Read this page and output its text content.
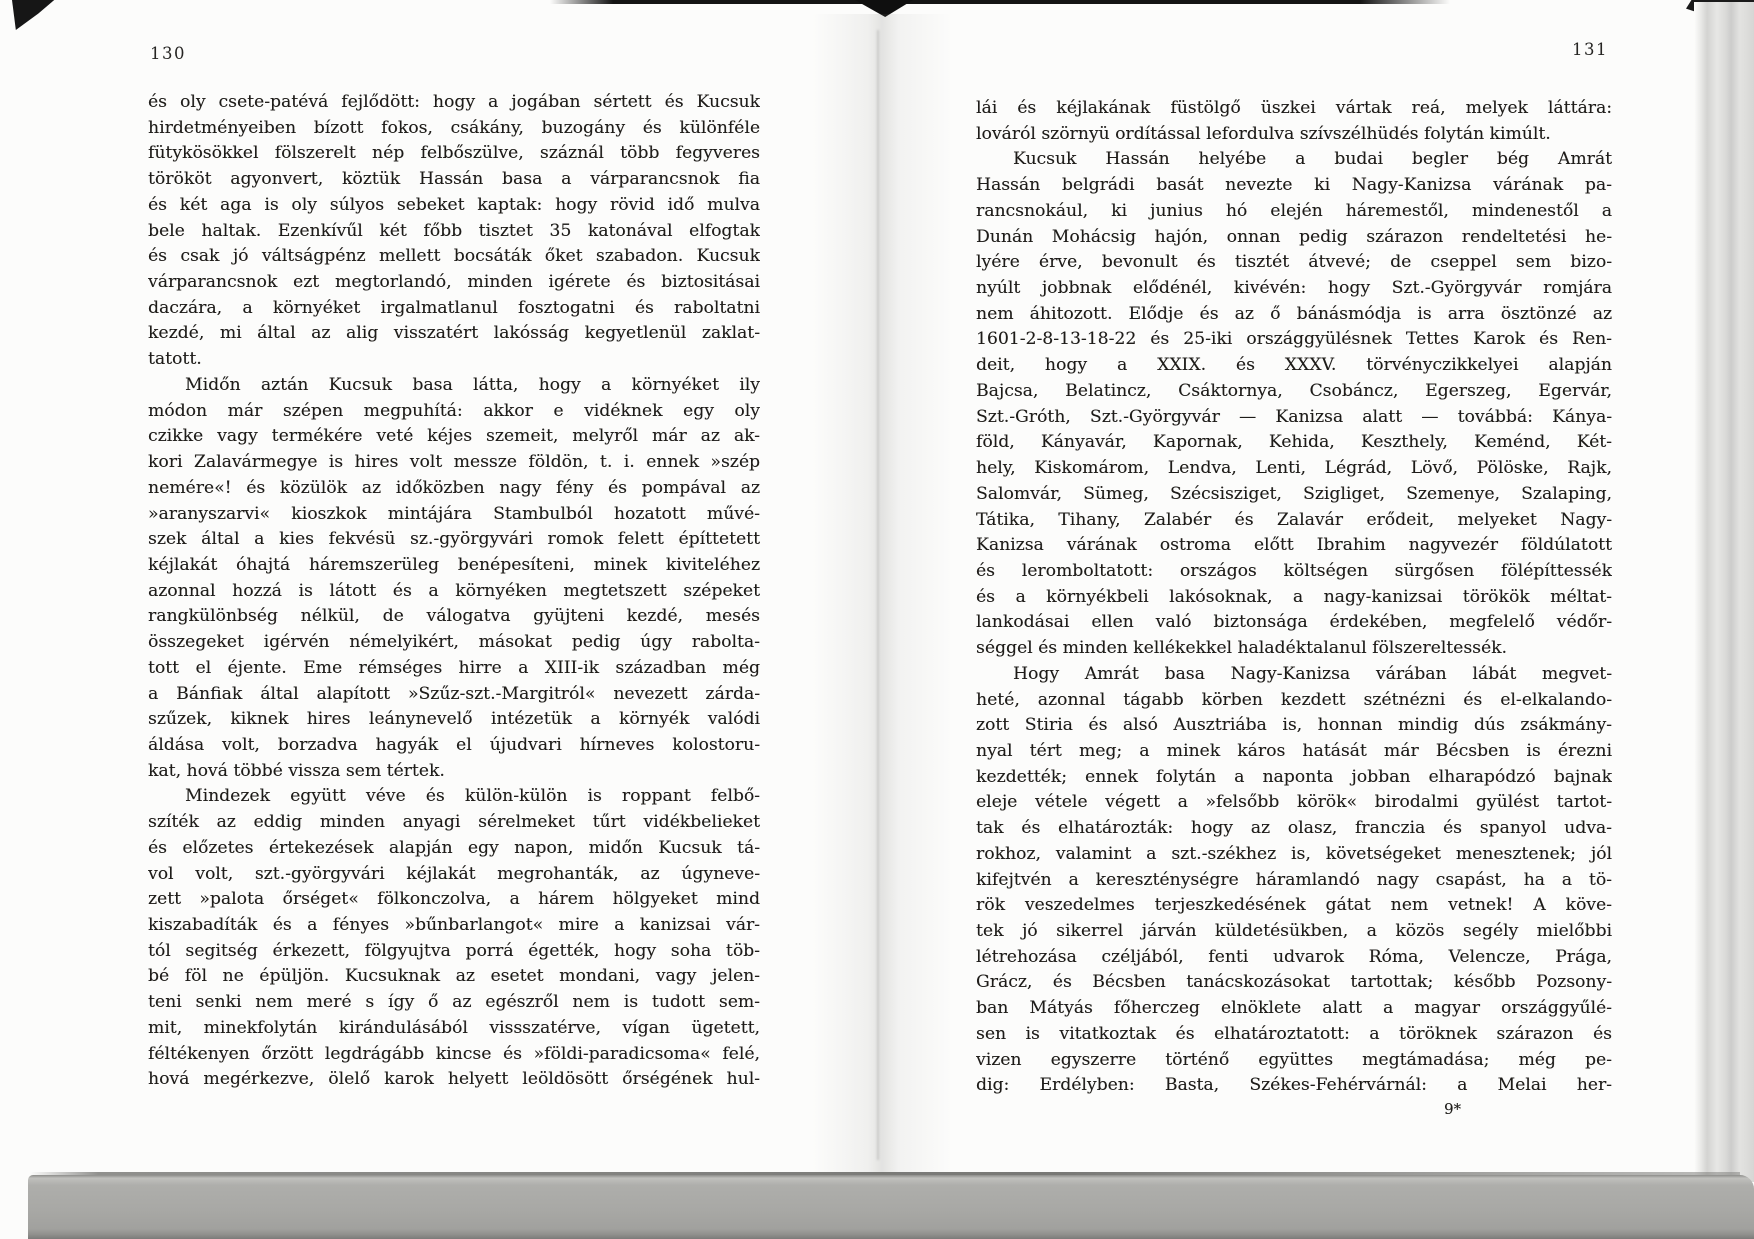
130
és oly csete-patévá fejlődött: hogy a jogában sértett és Kucsuk
hirdetményeiben bízott fokos, csákány, buzogány és különféle
fütykösökkel fölszerelt nép felbőszülve, száznál több fegyveres
törököt agyonvert, köztük Hassán basa a várparancsnok fia
és két aga is oly súlyos sebeket kaptak: hogy rövid idő mulva
bele haltak. Ezenkívűl két főbb tisztet 35 katonával elfogtak
és csak jó váltságpénz mellett bocsáták őket szabadon. Kucsuk
várparancsnok ezt megtorlandó, minden igérete és biztositásai
daczára, a környéket irgalmatlanul fosztogatni és raboltatni
kezdé, mi által az alig visszatért lakósság kegyetlenül zaklat-
tatott.
Midőn aztán Kucsuk basa látta, hogy a környéket ily
módon már szépen megpuhítá: akkor e vidéknek egy oly
czikke vagy termékére veté kéjes szemeit, melyről már az ak-
kori Zalavármegye is hires volt messze földön, t. i. ennek »szép
nemére«! és közülök az időközben nagy fény és pompával az
»aranyszarvi« kioszkok mintájára Stambulból hozatott művé-
szek által a kies fekvésü sz.-györgyvári romok felett építtetett
kéjlakát óhajtá háremszerüleg benépesíteni, minek kiviteléhez
azonnal hozzá is látott és a környéken megtetszett szépeket
rangkülönbség nélkül, de válogatva gyüjteni kezdé, mesés
összegeket igérvén némelyikért, másokat pedig úgy rabolta-
tott el éjente. Eme rémséges hirre a XIII-ik században még
a Bánfiak által alapított »Szűz-szt.-Margitról« nevezett zárda-
szűzek, kiknek hires leánynevelő intézetük a környék valódi
áldása volt, borzadva hagyák el újudvari hírneves kolostoru-
kat, hová többé vissza sem tértek.
Mindezek együtt véve és külön-külön is roppant felbő-
szíték az eddig minden anyagi sérelmeket tűrt vidékbelieket
és előzetes értekezések alapján egy napon, midőn Kucsuk tá-
vol volt, szt.-györgyvári kéjlakát megrohanták, az úgyneve-
zett »palota őrséget« fölkonczolva, a hárem hölgyeket mind
kiszabadíták és a fényes »bűnbarlangot« mire a kanizsai vár-
tól segitség érkezett, fölgyujtva porrá égették, hogy soha töb-
bé föl ne épüljön. Kucsuknak az esetet mondani, vagy jelen-
teni senki nem meré s így ő az egészről nem is tudott sem-
mit, minekfolytán kirándulásából vissszatérve, vígan ügetett,
féltékenyen őrzött legdrágább kincse és »földi-paradicsoma« felé,
hová megérkezve, ölelő karok helyett leöldösött őrségének hul-
131
lái és kéjlakának füstölgő üszkei vártak reá, melyek láttára:
lováról szörnyü ordítással lefordulva szívszélhüdés folytán kimúlt.
Kucsuk Hassán helyébe a budai begler bég Amrát
Hassán belgrádi basát nevezte ki Nagy-Kanizsa várának pa-
rancsnokául, ki junius hó elején háremestől, mindenestől a
Dunán Mohácsig hajón, onnan pedig szárazon rendeltetési he-
lyére érve, bevonult és tisztét átvevé; de cseppel sem bizo-
nyúlt jobbnak elődénél, kivévén: hogy Szt.-Györgyvár romjára
nem áhitozott. Elődje és az ő bánásmódja is arra ösztönzé az
1601-2-8-13-18-22 és 25-iki országgyülésnek Tettes Karok és Ren-
deit, hogy a XXIX. és XXXV. törvényczikkelyei alapján
Bajcsa, Belatincz, Csáktornya, Csobáncz, Egerszeg, Egervár,
Szt.-Gróth, Szt.-Györgyvár — Kanizsa alatt — továbbá: Kánya-
föld, Kányavár, Kapornak, Kehida, Keszthely, Keménd, Két-
hely, Kiskomárom, Lendva, Lenti, Légrád, Lövő, Pölöske, Rajk,
Salomvár, Sümeg, Szécsisziget, Szigliget, Szemenye, Szalaping,
Tátika, Tihany, Zalabér és Zalavár erődeit, melyeket Nagy-
Kanizsa várának ostroma előtt Ibrahim nagyvezér földúlatott
és leromboltatott: országos költségen sürgősen fölépíttessék
és a környékbeli lakósoknak, a nagy-kanizsai törökök méltat-
lankodásai ellen való biztonsága érdekében, megfelelő védőr-
séggel és minden kellékekkel haladéktalanul fölszereltessék.
Hogy Amrát basa Nagy-Kanizsa várában lábát megvet-
heté, azonnal tágabb körben kezdett szétnézni és el-elkalando-
zott Stiria és alsó Ausztriába is, honnan mindig dús zsákmány-
nyal tért meg; a minek káros hatását már Bécsben is érezni
kezdették; ennek folytán a naponta jobban elharapódzó bajnak
eleje vétele végett a »felsőbb körök« birodalmi gyülést tartot-
tak és elhatározták: hogy az olasz, franczia és spanyol udva-
rokhoz, valamint a szt.-székhez is, követségeket menesztenek; jól
kifejtvén a kereszténységre háramlandó nagy csapást, ha a tö-
rök veszedelmes terjeszkedésének gátat nem vetnek! A köve-
tek jó sikerrel járván küldetésükben, a közös segély mielőbbi
létrehozása czéljából, fenti udvarok Róma, Velencze, Prága,
Grácz, és Bécsben tanácskozásokat tartottak; később Pozsony-
ban Mátyás főherczeg elnöklete alatt a magyar országgyűlé-
sen is vitatkoztak és elhatároztatott: a töröknek szárazon és
vizen egyszerre történő együttes megtámadása; még pe-
dig: Erdélyben: Basta, Székes-Fehérvárnál: a Melai her-
9*
